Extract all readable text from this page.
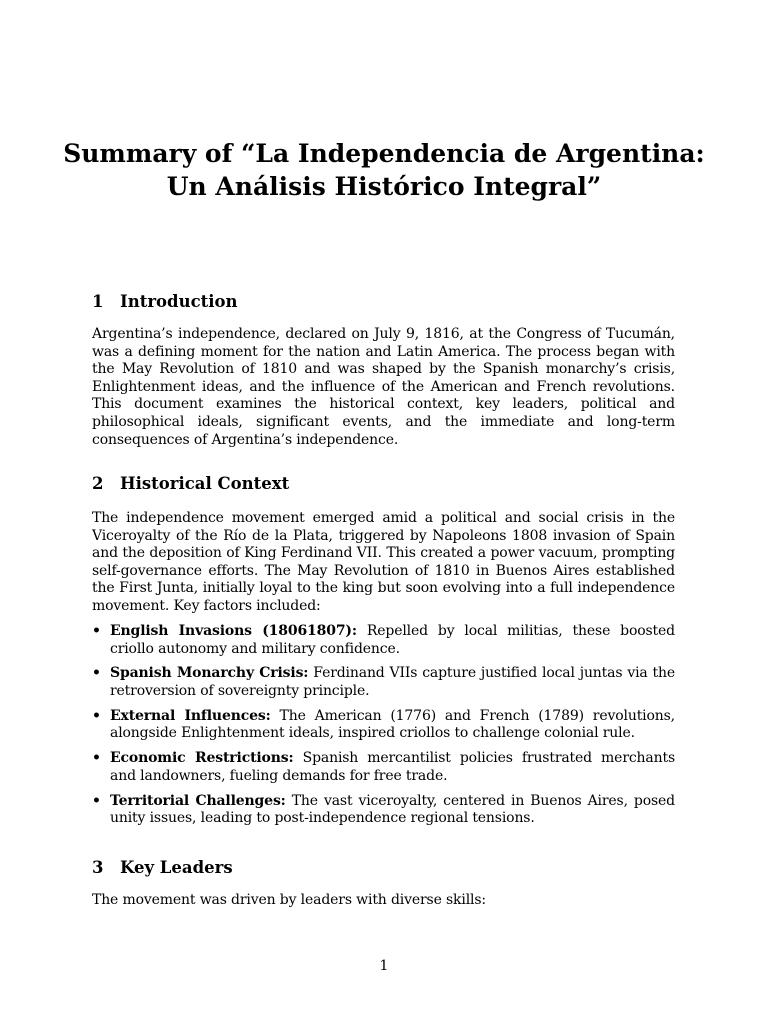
Summary of “La Independencia de Argentina:
Un Análisis Histórico Integral”
1 Introduction
Argentina’s independence, declared on July 9, 1816, at the Congress of Tucumán, was a defining moment for the nation and Latin America. The process began with the May Revolution of 1810 and was shaped by the Spanish monarchy’s crisis, Enlightenment ideas, and the influence of the American and French revolutions. This document examines the historical context, key leaders, political and philosophical ideals, significant events, and the immediate and long-term consequences of Argentina’s independence.
2 Historical Context
The independence movement emerged amid a political and social crisis in the Viceroyalty of the Río de la Plata, triggered by Napoleons 1808 invasion of Spain and the deposition of King Ferdinand VII. This created a power vacuum, prompting self-governance efforts. The May Revolution of 1810 in Buenos Aires established the First Junta, initially loyal to the king but soon evolving into a full independence movement. Key factors included:
• English Invasions (18061807): Repelled by local militias, these boosted criollo autonomy and military confidence.
• Spanish Monarchy Crisis: Ferdinand VIIs capture justified local juntas via the retroversion of sovereignty principle.
• External Influences: The American (1776) and French (1789) revolutions, alongside Enlightenment ideals, inspired criollos to challenge colonial rule.
• Economic Restrictions: Spanish mercantilist policies frustrated merchants and landowners, fueling demands for free trade.
• Territorial Challenges: The vast viceroyalty, centered in Buenos Aires, posed unity issues, leading to post-independence regional tensions.
3 Key Leaders
The movement was driven by leaders with diverse skills:
1
